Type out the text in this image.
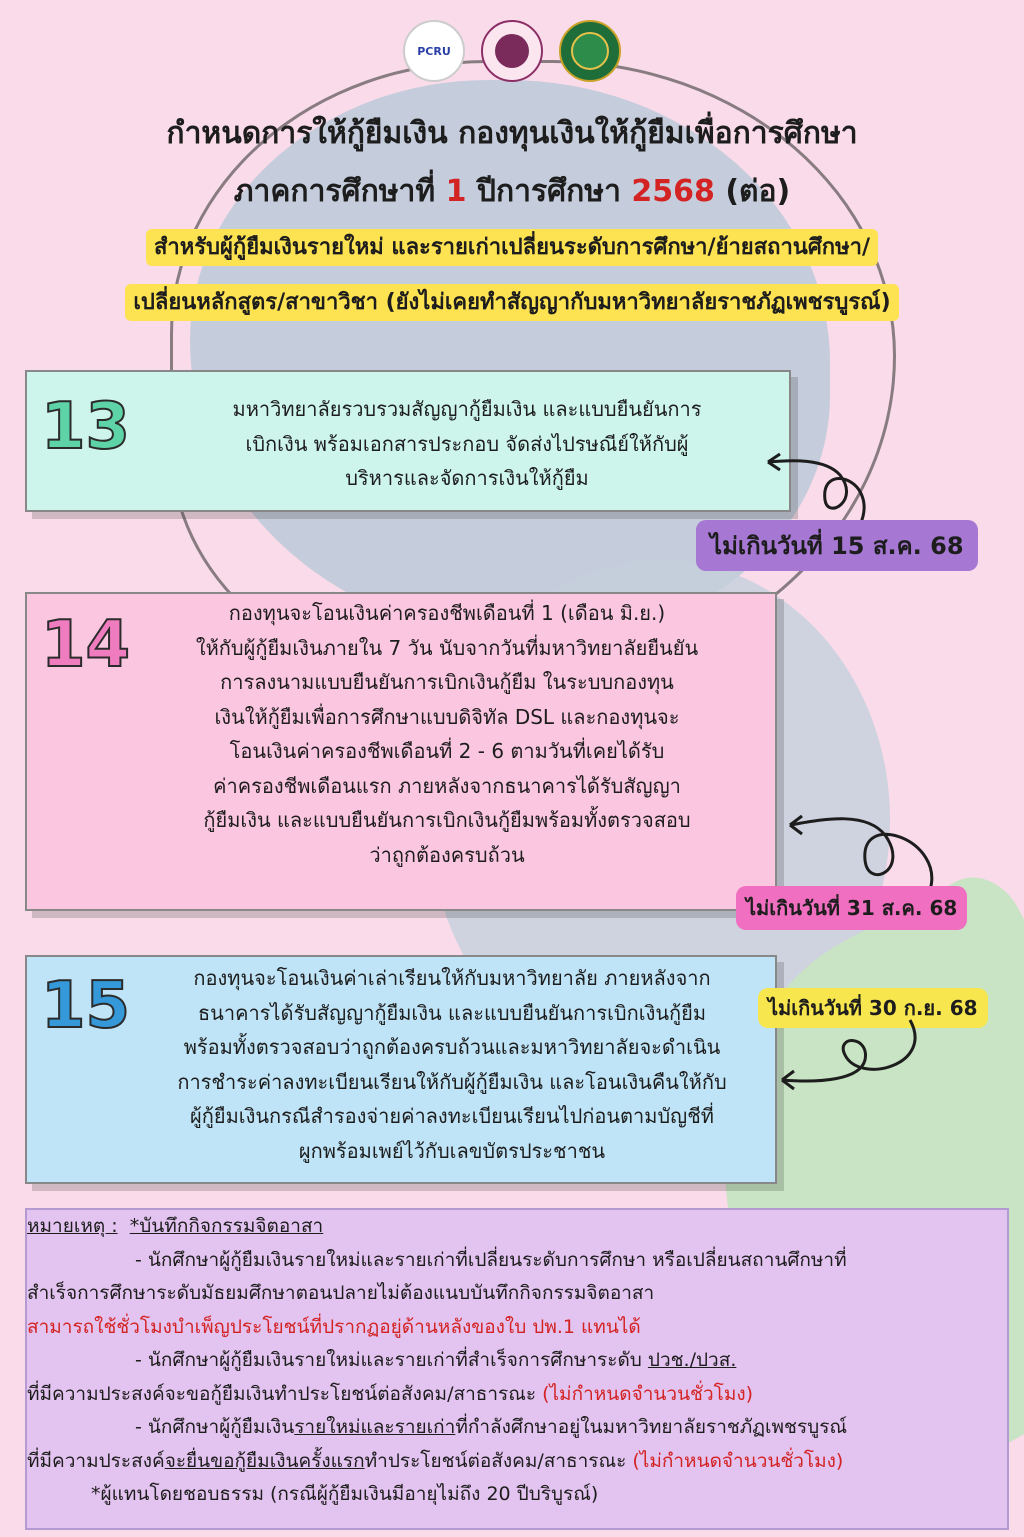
PCRU
กำหนดการให้กู้ยืมเงิน กองทุนเงินให้กู้ยืมเพื่อการศึกษา
ภาคการศึกษาที่ 1 ปีการศึกษา 2568 (ต่อ)
สำหรับผู้กู้ยืมเงินรายใหม่ และรายเก่าเปลี่ยนระดับการศึกษา/ย้ายสถานศึกษา/
เปลี่ยนหลักสูตร/สาขาวิชา (ยังไม่เคยทำสัญญากับมหาวิทยาลัยราชภัฏเพชรบูรณ์)
13	มหาวิทยาลัยรวบรวมสัญญากู้ยืมเงิน และแบบยืนยันการ
เบิกเงิน พร้อมเอกสารประกอบ จัดส่งไปรษณีย์ให้กับผู้
บริหารและจัดการเงินให้กู้ยืม
ไม่เกินวันที่ 15 ส.ค. 68
14	กองทุนจะโอนเงินค่าครองชีพเดือนที่ 1 (เดือน มิ.ย.)
ให้กับผู้กู้ยืมเงินภายใน 7 วัน นับจากวันที่มหาวิทยาลัยยืนยัน
การลงนามแบบยืนยันการเบิกเงินกู้ยืม ในระบบกองทุน
เงินให้กู้ยืมเพื่อการศึกษาแบบดิจิทัล DSL และกองทุนจะ
โอนเงินค่าครองชีพเดือนที่ 2 - 6 ตามวันที่เคยได้รับ
ค่าครองชีพเดือนแรก ภายหลังจากธนาคารได้รับสัญญา
กู้ยืมเงิน และแบบยืนยันการเบิกเงินกู้ยืมพร้อมทั้งตรวจสอบ
ว่าถูกต้องครบถ้วน
ไม่เกินวันที่ 31 ส.ค. 68
15	กองทุนจะโอนเงินค่าเล่าเรียนให้กับมหาวิทยาลัย ภายหลังจาก
ธนาคารได้รับสัญญากู้ยืมเงิน และแบบยืนยันการเบิกเงินกู้ยืม
พร้อมทั้งตรวจสอบว่าถูกต้องครบถ้วนและมหาวิทยาลัยจะดำเนิน
การชำระค่าลงทะเบียนเรียนให้กับผู้กู้ยืมเงิน และโอนเงินคืนให้กับ
ผู้กู้ยืมเงินกรณีสำรองจ่ายค่าลงทะเบียนเรียนไปก่อนตามบัญชีที่
ผูกพร้อมเพย์ไว้กับเลขบัตรประชาชน
ไม่เกินวันที่ 30 ก.ย. 68
หมายเหตุ : *บันทึกกิจกรรมจิตอาสา
- นักศึกษาผู้กู้ยืมเงินรายใหม่และรายเก่าที่เปลี่ยนระดับการศึกษา หรือเปลี่ยนสถานศึกษาที่
สำเร็จการศึกษาระดับมัธยมศึกษาตอนปลายไม่ต้องแนบบันทึกกิจกรรมจิตอาสา
สามารถใช้ชั่วโมงบำเพ็ญประโยชน์ที่ปรากฏอยู่ด้านหลังของใบ ปพ.1 แทนได้
- นักศึกษาผู้กู้ยืมเงินรายใหม่และรายเก่าที่สำเร็จการศึกษาระดับ ปวช./ปวส.
ที่มีความประสงค์จะขอกู้ยืมเงินทำประโยชน์ต่อสังคม/สาธารณะ (ไม่กำหนดจำนวนชั่วโมง)
- นักศึกษาผู้กู้ยืมเงินรายใหม่และรายเก่าที่กำลังศึกษาอยู่ในมหาวิทยาลัยราชภัฏเพชรบูรณ์
ที่มีความประสงค์จะยื่นขอกู้ยืมเงินครั้งแรกทำประโยชน์ต่อสังคม/สาธารณะ (ไม่กำหนดจำนวนชั่วโมง)
*ผู้แทนโดยชอบธรรม (กรณีผู้กู้ยืมเงินมีอายุไม่ถึง 20 ปีบริบูรณ์)
